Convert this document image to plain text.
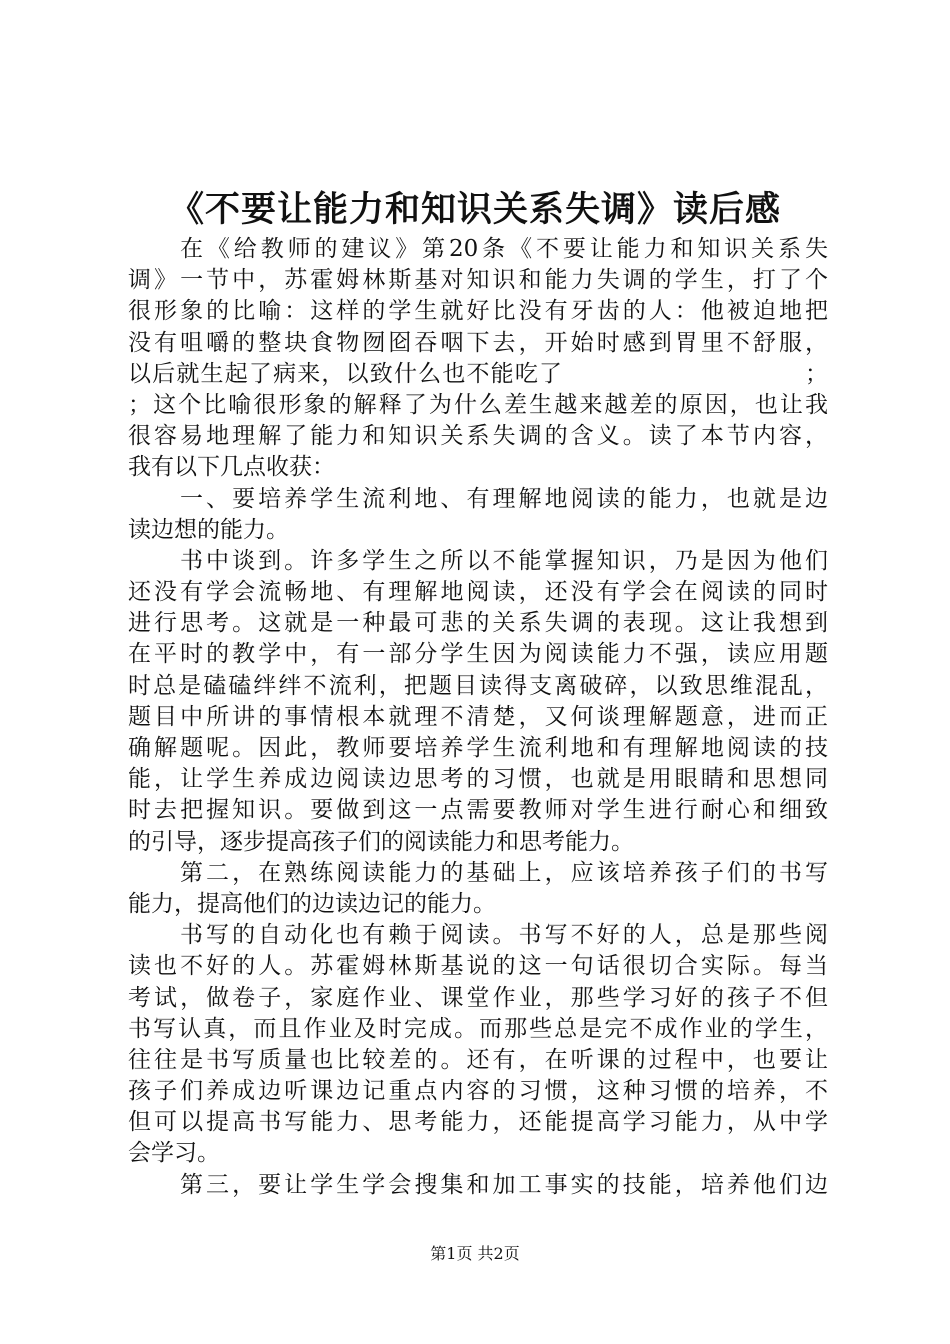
《不要让能力和知识关系失调》读后感
在《给教师的建议》第20条《不要让能力和知识关系失
调》一节中，苏霍姆林斯基对知识和能力失调的学生，打了个
很形象的比喻：这样的学生就好比没有牙齿的人：他被迫地把
没有咀嚼的整块食物囫囵吞咽下去，开始时感到胃里不舒服，
以后就生起了病来，以致什么也不能吃了　　　　　　　　　　；
；这个比喻很形象的解释了为什么差生越来越差的原因，也让我
很容易地理解了能力和知识关系失调的含义。读了本节内容，
我有以下几点收获：
一、要培养学生流利地、有理解地阅读的能力，也就是边
读边想的能力。
书中谈到。许多学生之所以不能掌握知识，乃是因为他们
还没有学会流畅地、有理解地阅读，还没有学会在阅读的同时
进行思考。这就是一种最可悲的关系失调的表现。这让我想到
在平时的教学中，有一部分学生因为阅读能力不强，读应用题
时总是磕磕绊绊不流利，把题目读得支离破碎，以致思维混乱，
题目中所讲的事情根本就理不清楚，又何谈理解题意，进而正
确解题呢。因此，教师要培养学生流利地和有理解地阅读的技
能，让学生养成边阅读边思考的习惯，也就是用眼睛和思想同
时去把握知识。要做到这一点需要教师对学生进行耐心和细致
的引导，逐步提高孩子们的阅读能力和思考能力。
第二，在熟练阅读能力的基础上，应该培养孩子们的书写
能力，提高他们的边读边记的能力。
书写的自动化也有赖于阅读。书写不好的人，总是那些阅
读也不好的人。苏霍姆林斯基说的这一句话很切合实际。每当
考试，做卷子，家庭作业、课堂作业，那些学习好的孩子不但
书写认真，而且作业及时完成。而那些总是完不成作业的学生，
往往是书写质量也比较差的。还有，在听课的过程中，也要让
孩子们养成边听课边记重点内容的习惯，这种习惯的培养，不
但可以提高书写能力、思考能力，还能提高学习能力，从中学
会学习。
第三，要让学生学会搜集和加工事实的技能，培养他们边
第1页 共2页
